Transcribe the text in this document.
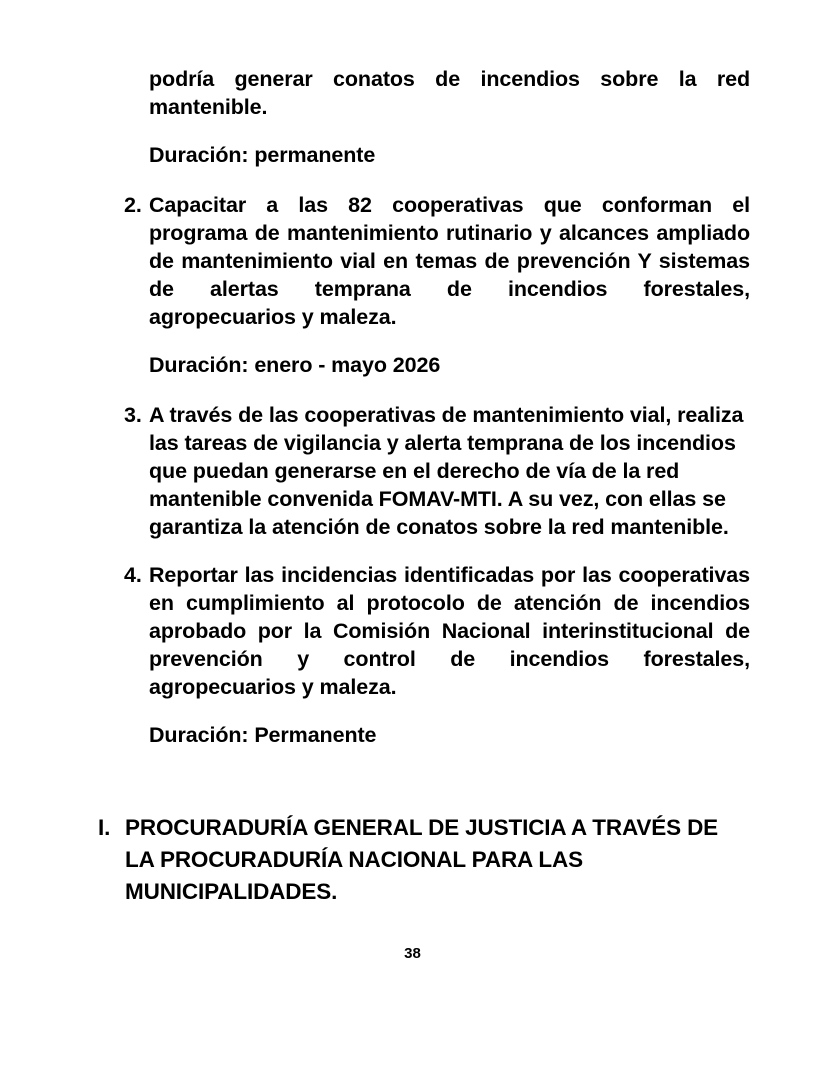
podría generar conatos de incendios sobre la red mantenible.

Duración: permanente

2. Capacitar a las 82 cooperativas que conforman el programa de mantenimiento rutinario y alcances ampliado de mantenimiento vial en temas de prevención Y sistemas de alertas temprana de incendios forestales, agropecuarios y maleza.

Duración: enero - mayo 2026

3. A través de las cooperativas de mantenimiento vial, realiza las tareas de vigilancia y alerta temprana de los incendios que puedan generarse en el derecho de vía de la red mantenible convenida FOMAV-MTI. A su vez, con ellas se garantiza la atención de conatos sobre la red mantenible.

4. Reportar las incidencias identificadas por las cooperativas en cumplimiento al protocolo de atención de incendios aprobado por la Comisión Nacional interinstitucional de prevención y control de incendios forestales, agropecuarios y maleza.

Duración: Permanente

I. PROCURADURÍA GENERAL DE JUSTICIA A TRAVÉS DE LA PROCURADURÍA NACIONAL PARA LAS MUNICIPALIDADES.

38
